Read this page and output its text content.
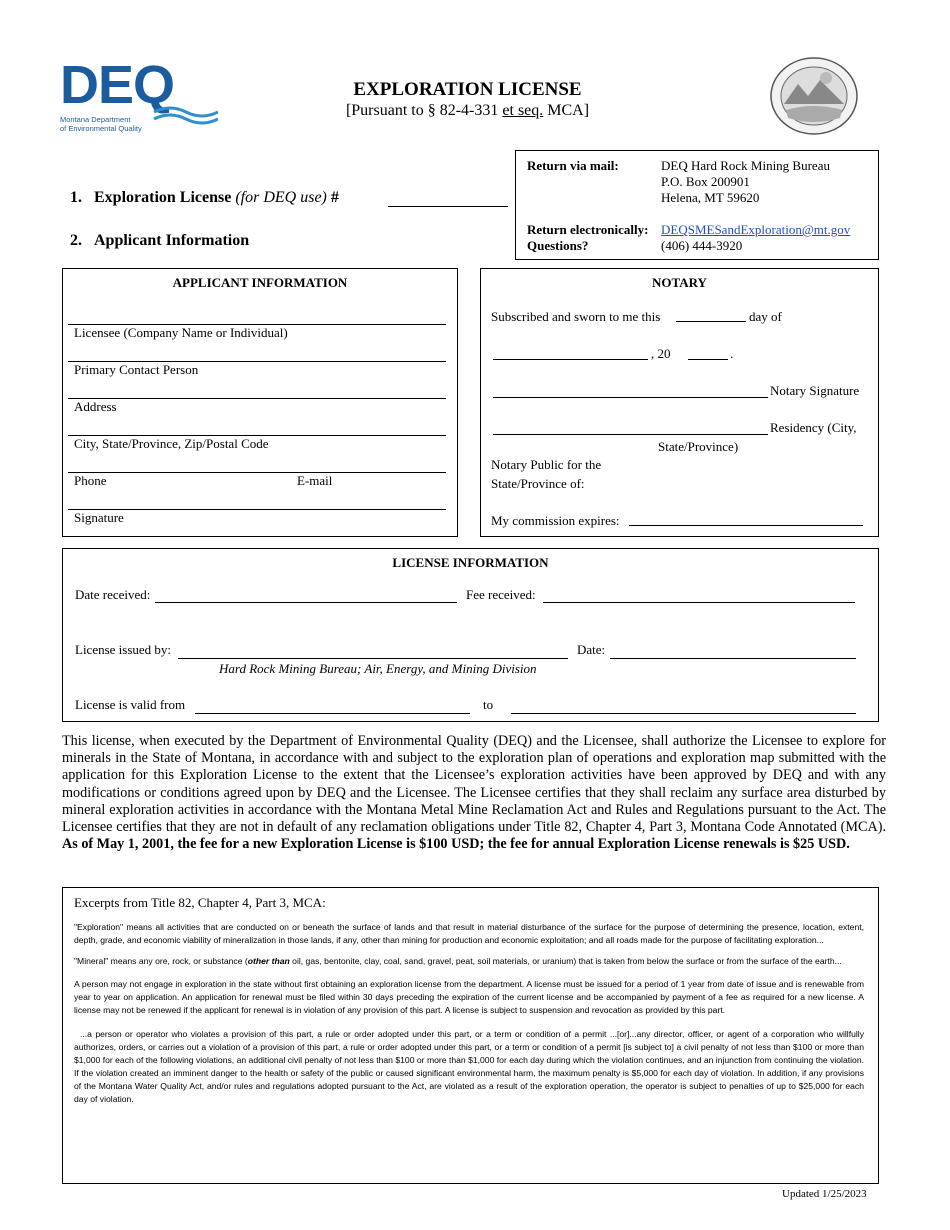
DEQ
Montana Department
of Environmental Quality
EXPLORATION LICENSE
[Pursuant to § 82-4-331 et seq. MCA]
Return via mail:	DEQ Hard Rock Mining Bureau
P.O. Box 200901
Helena, MT 59620
Return electronically: DEQSMESandExploration@mt.gov
Questions?	(406) 444-3920
1. Exploration License (for DEQ use) #
2. Applicant Information
APPLICANT INFORMATION
Licensee (Company Name or Individual)
Primary Contact Person
Address
City, State/Province, Zip/Postal Code
Phone	E-mail
Signature
NOTARY
Subscribed and sworn to me this	day of
, 20	.
Notary Signature
Residency (City,
State/Province)
Notary Public for the
State/Province of:
My commission expires:
LICENSE INFORMATION
Date received:	Fee received:
License issued by:
Hard Rock Mining Bureau; Air, Energy, and Mining Division
Date:
License is valid from	to
This license, when executed by the Department of Environmental Quality (DEQ) and the Licensee, shall authorize the Licensee to explore for minerals in the State of Montana, in accordance with and subject to the exploration plan of operations and exploration map submitted with the application for this Exploration License to the extent that the Licensee’s exploration activities have been approved by DEQ and with any modifications or conditions agreed upon by DEQ and the Licensee. The Licensee certifies that they shall reclaim any surface area disturbed by mineral exploration activities in accordance with the Montana Metal Mine Reclamation Act and Rules and Regulations pursuant to the Act. The Licensee certifies that they are not in default of any reclamation obligations under Title 82, Chapter 4, Part 3, Montana Code Annotated (MCA). As of May 1, 2001, the fee for a new Exploration License is $100 USD; the fee for annual Exploration License renewals is $25 USD.
Excerpts from Title 82, Chapter 4, Part 3, MCA:

"Exploration" means all activities that are conducted on or beneath the surface of lands and that result in material disturbance of the surface for the purpose of determining the presence, location, extent, depth, grade, and economic viability of mineralization in those lands, if any, other than mining for production and economic exploitation; and all roads made for the purpose of facilitating exploration...

"Mineral" means any ore, rock, or substance (other than oil, gas, bentonite, clay, coal, sand, gravel, peat, soil materials, or uranium) that is taken from below the surface or from the surface of the earth...

A person may not engage in exploration in the state without first obtaining an exploration license from the department. A license must be issued for a period of 1 year from date of issue and is renewable from year to year on application. An application for renewal must be filed within 30 days preceding the expiration of the current license and be accompanied by payment of a fee as required for a new license. A license may not be renewed if the applicant for renewal is in violation of any provision of this part. A license is subject to suspension and revocation as provided by this part.

...a person or operator who violates a provision of this part, a rule or order adopted under this part, or a term or condition of a permit ...[or]...any director, officer, or agent of a corporation who willfully authorizes, orders, or carries out a violation of a provision of this part, a rule or order adopted under this part, or a term or condition of a permit [is subject to] a civil penalty of not less than $100 or more than $1,000 for each of the following violations, an additional civil penalty of not less than $100 or more than $1,000 for each day during which the violation continues, and an injunction from continuing the violation. If the violation created an imminent danger to the health or safety of the public or caused significant environmental harm, the maximum penalty is $5,000 for each day of violation. In addition, if any provisions of the Montana Water Quality Act, and/or rules and regulations adopted pursuant to the Act, are violated as a result of the exploration operation, the operator is subject to penalties of up to $25,000 for each day of violation.

Updated 1/25/2023
